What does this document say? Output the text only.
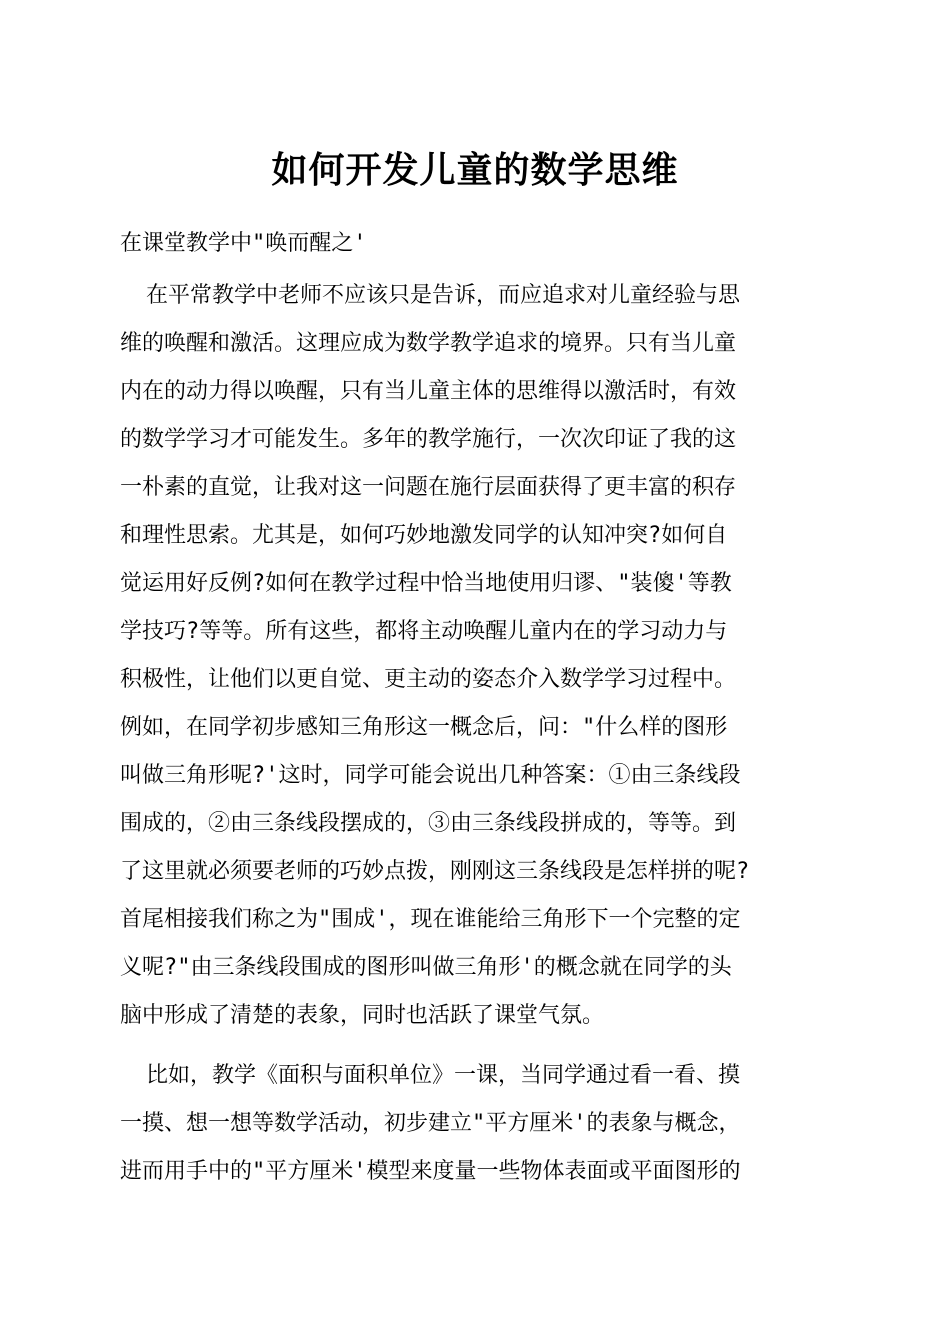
如何开发儿童的数学思维

在课堂教学中"唤而醒之'

在平常教学中老师不应该只是告诉，而应追求对儿童经验与思
维的唤醒和激活。这理应成为数学教学追求的境界。只有当儿童
内在的动力得以唤醒，只有当儿童主体的思维得以激活时，有效
的数学学习才可能发生。多年的教学施行，一次次印证了我的这
一朴素的直觉，让我对这一问题在施行层面获得了更丰富的积存
和理性思索。尤其是，如何巧妙地激发同学的认知冲突?如何自
觉运用好反例?如何在教学过程中恰当地使用归谬、"装傻'等教
学技巧?等等。所有这些，都将主动唤醒儿童内在的学习动力与
积极性，让他们以更自觉、更主动的姿态介入数学学习过程中。
例如，在同学初步感知三角形这一概念后，问："什么样的图形
叫做三角形呢?'这时，同学可能会说出几种答案：①由三条线段
围成的，②由三条线段摆成的，③由三条线段拼成的，等等。到
了这里就必须要老师的巧妙点拨，刚刚这三条线段是怎样拼的呢?
首尾相接我们称之为"围成'，现在谁能给三角形下一个完整的定
义呢?"由三条线段围成的图形叫做三角形'的概念就在同学的头
脑中形成了清楚的表象，同时也活跃了课堂气氛。

比如，教学《面积与面积单位》一课，当同学通过看一看、摸
一摸、想一想等数学活动，初步建立"平方厘米'的表象与概念，
进而用手中的"平方厘米'模型来度量一些物体表面或平面图形的
